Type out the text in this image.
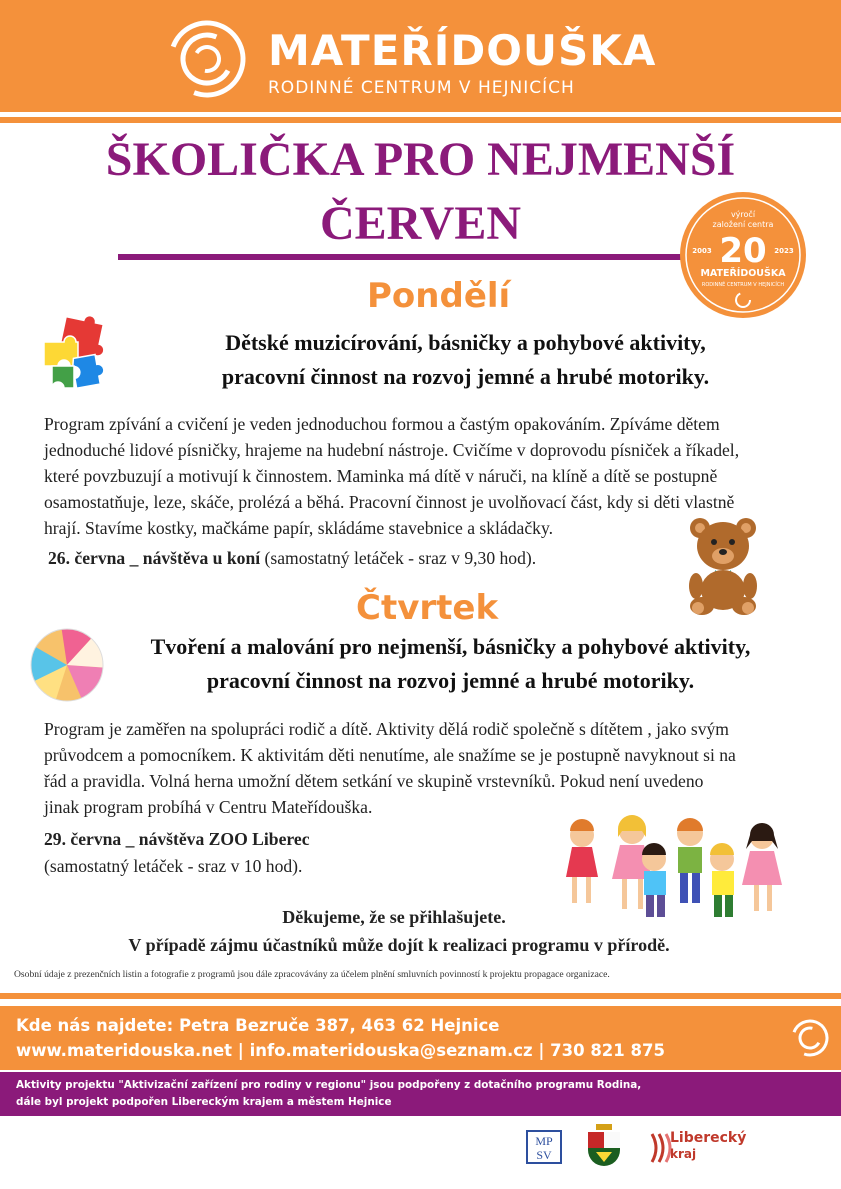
MATEŘÍDOUŠKA
RODINNÉ CENTRUM V HEJNICÍCH
ŠKOLIČKA PRO NEJMENŠÍ
ČERVEN	výročí
založení centra
20
2003	2023
MATEŘÍDOUŠKA
RODINNÉ CENTRUM V HEJNICÍCH
Pondělí
Dětské muzicírování, básničky a pohybové aktivity,
pracovní činnost na rozvoj jemné a hrubé motoriky.
Program zpívání a cvičení je veden jednoduchou formou a častým opakováním. Zpíváme dětem
jednoduché lidové písničky, hrajeme na hudební nástroje. Cvičíme v doprovodu písniček a říkadel,
které povzbuzují a motivují k činnostem. Maminka má dítě v náruči, na klíně a dítě se postupně
osamostatňuje, leze, skáče, prolézá a běhá. Pracovní činnost je uvolňovací část, kdy si děti vlastně
hrají. Stavíme kostky, mačkáme papír, skládáme stavebnice a skládačky.
26. června _ návštěva u koní (samostatný letáček - sraz v 9,30 hod).
Čtvrtek
Tvoření a malování pro nejmenší, básničky a pohybové aktivity,
pracovní činnost na rozvoj jemné a hrubé motoriky.
Program je zaměřen na spolupráci rodič a dítě. Aktivity dělá rodič společně s dítětem , jako svým
průvodcem a pomocníkem. K aktivitám děti nenutíme, ale snažíme se je postupně navyknout si na
řád a pravidla. Volná herna umožní dětem setkání ve skupině vrstevníků. Pokud není uvedeno
jinak program probíhá v Centru Mateřídouška.
29. června _ návštěva ZOO Liberec
(samostatný letáček - sraz v 10 hod).
Děkujeme, že se přihlašujete.
V případě zájmu účastníků může dojít k realizaci programu v přírodě.
Osobní údaje z prezenčních listin a fotografie z programů jsou dále zpracovávány za účelem plnění smluvních povinností k projektu propagace organizace.
Kde nás najdete: Petra Bezruče 387, 463 62 Hejnice
www.materidouska.net | info.materidouska@seznam.cz | 730 821 875
Aktivity projektu "Aktivizační zařízení pro rodiny v regionu" jsou podpořeny z dotačního programu Rodina,
dále byl projekt podpořen Libereckým krajem a městem Hejnice
MP
SV
Liberecký
kraj
